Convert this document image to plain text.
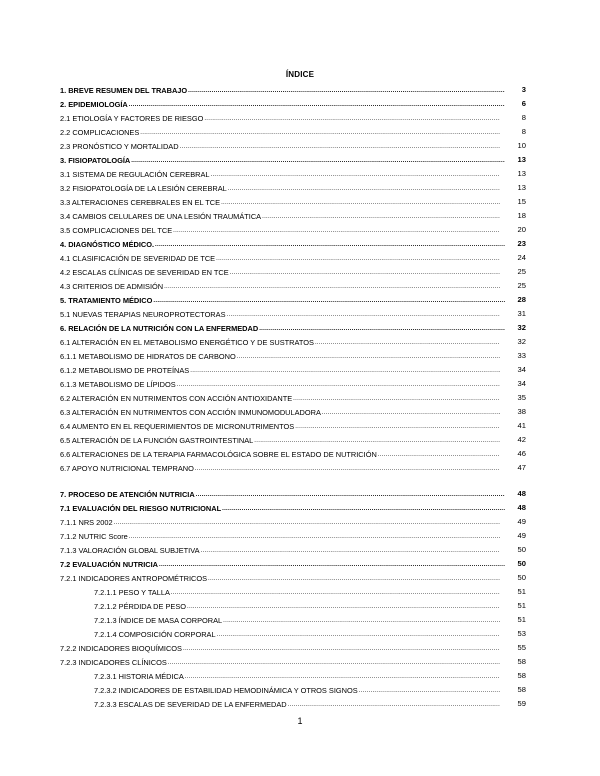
ÍNDICE
1. BREVE RESUMEN DEL TRABAJO .....	3
2. EPIDEMIOLOGÍA .....	6
2.1 ETIOLOGÍA Y FACTORES DE RIESGO .....	8
2.2 COMPLICACIONES .....	8
2.3 PRONÓSTICO Y MORTALIDAD .....	10
3. FISIOPATOLOGÍA .....	13
3.1 SISTEMA DE REGULACIÓN CEREBRAL .....	13
3.2 FISIOPATOLOGÍA DE LA LESIÓN CEREBRAL .....	13
3.3 ALTERACIONES CEREBRALES EN EL TCE .....	15
3.4 CAMBIOS CELULARES DE UNA LESIÓN TRAUMÁTICA .....	18
3.5 COMPLICACIONES DEL TCE .....	20
4. DIAGNÓSTICO MÉDICO. .....	23
4.1 CLASIFICACIÓN DE SEVERIDAD DE TCE .....	24
4.2 ESCALAS CLÍNICAS DE SEVERIDAD EN TCE .....	25
4.3 CRITERIOS DE ADMISIÓN .....	25
5. TRATAMIENTO MÉDICO .....	28
5.1 NUEVAS TERAPIAS NEUROPROTECTORAS .....	31
6. RELACIÓN DE LA NUTRICIÓN CON LA ENFERMEDAD .....	32
6.1 ALTERACIÓN EN EL METABOLISMO ENERGÉTICO Y DE SUSTRATOS .....	32
6.1.1 METABOLISMO DE HIDRATOS DE CARBONO .....	33
6.1.2 METABOLISMO DE PROTEÍNAS .....	34
6.1.3 METABOLISMO DE LÍPIDOS .....	34
6.2 ALTERACIÓN EN NUTRIMENTOS CON ACCIÓN ANTIOXIDANTE .....	35
6.3 ALTERACIÓN EN NUTRIMENTOS CON ACCIÓN INMUNOMODULADORA .....	38
6.4 AUMENTO EN EL REQUERIMIENTOS DE MICRONUTRIMENTOS .....	41
6.5 ALTERACIÓN DE LA FUNCIÓN GASTROINTESTINAL .....	42
6.6 ALTERACIONES DE LA TERAPIA FARMACOLÓGICA SOBRE EL ESTADO DE NUTRICIÓN .....	46
6.7 APOYO NUTRICIONAL TEMPRANO .....	47
7. PROCESO DE ATENCIÓN NUTRICIA .....	48
7.1 EVALUACIÓN DEL RIESGO NUTRICIONAL .....	48
7.1.1 NRS 2002 .....	49
7.1.2 NUTRIC Score .....	49
7.1.3 VALORACIÓN GLOBAL SUBJETIVA .....	50
7.2 EVALUACIÓN NUTRICIA .....	50
7.2.1 INDICADORES ANTROPOMÉTRICOS .....	50
7.2.1.1 PESO Y TALLA .....	51
7.2.1.2 PÉRDIDA DE PESO .....	51
7.2.1.3 ÍNDICE DE MASA CORPORAL .....	51
7.2.1.4 COMPOSICIÓN CORPORAL .....	53
7.2.2 INDICADORES BIOQUÍMICOS .....	55
7.2.3 INDICADORES CLÍNICOS .....	58
7.2.3.1 HISTORIA MÉDICA .....	58
7.2.3.2 INDICADORES DE ESTABILIDAD HEMODINÁMICA Y OTROS SIGNOS .....	58
7.2.3.3 ESCALAS DE SEVERIDAD DE LA ENFERMEDAD .....	59
1
